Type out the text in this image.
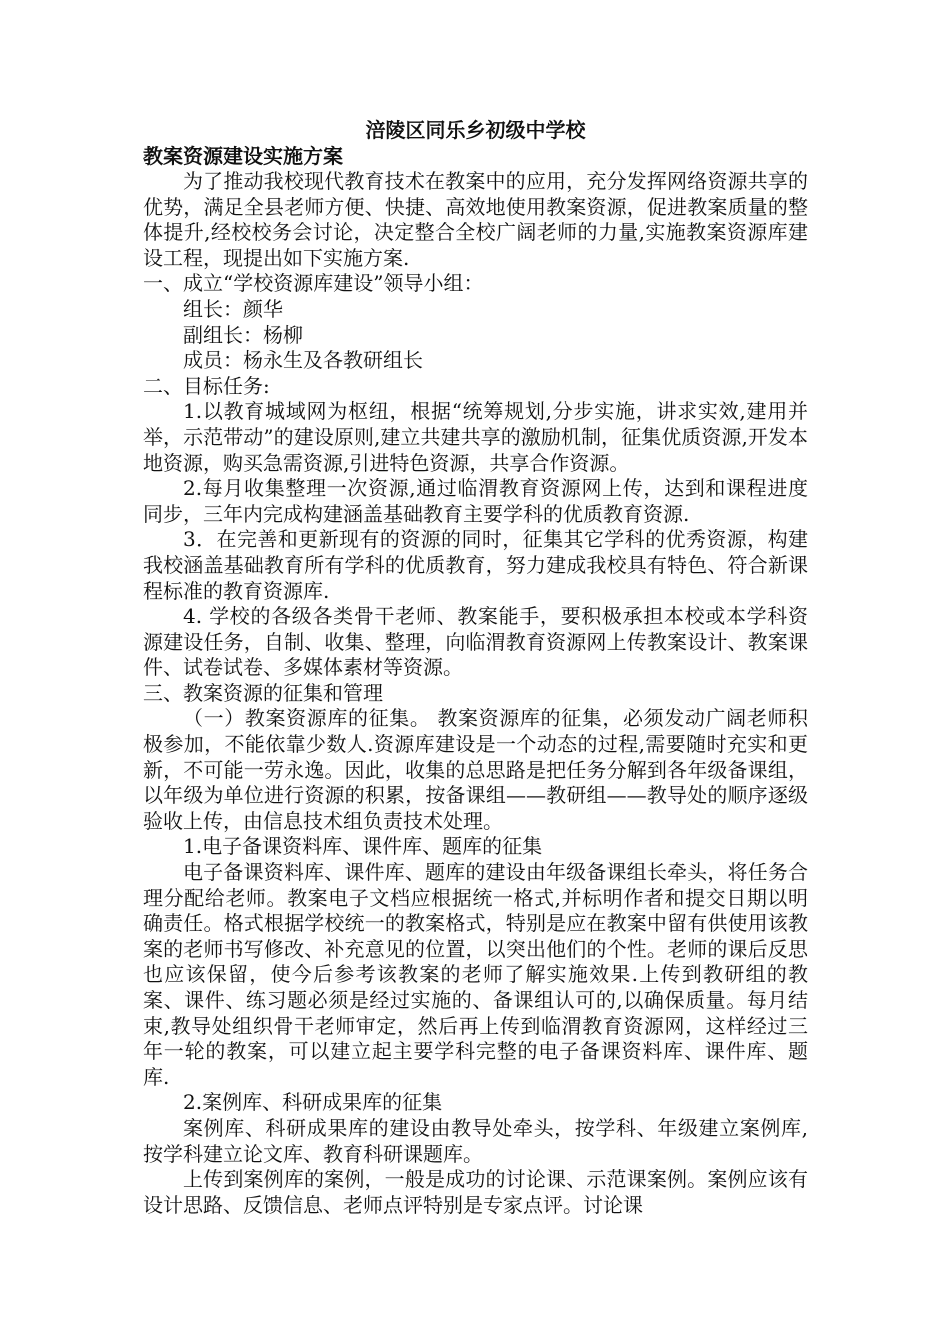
涪陵区同乐乡初级中学校

教案资源建设实施方案

为了推动我校现代教育技术在教案中的应用，充分发挥网络资源共享的优势，满足全县老师方便、快捷、高效地使用教案资源，促进教案质量的整体提升,经校校务会讨论，决定整合全校广阔老师的力量,实施教案资源库建设工程，现提出如下实施方案.

一、成立“学校资源库建设”领导小组：

组长：颜华

副组长：杨柳

成员：杨永生及各教研组长

二、目标任务:

1.以教育城域网为枢纽，根据“统筹规划,分步实施，讲求实效,建用并举，示范带动”的建设原则,建立共建共享的激励机制，征集优质资源,开发本地资源，购买急需资源,引进特色资源，共享合作资源。

2.每月收集整理一次资源,通过临渭教育资源网上传，达到和课程进度同步，三年内完成构建涵盖基础教育主要学科的优质教育资源.

3．在完善和更新现有的资源的同时，征集其它学科的优秀资源，构建我校涵盖基础教育所有学科的优质教育，努力建成我校具有特色、符合新课程标准的教育资源库.

4. 学校的各级各类骨干老师、教案能手，要积极承担本校或本学科资源建设任务，自制、收集、整理，向临渭教育资源网上传教案设计、教案课件、试卷试卷、多媒体素材等资源。

三、教案资源的征集和管理

（一）教案资源库的征集。 教案资源库的征集，必须发动广阔老师积极参加，不能依靠少数人.资源库建设是一个动态的过程,需要随时充实和更新，不可能一劳永逸。因此，收集的总思路是把任务分解到各年级备课组，以年级为单位进行资源的积累，按备课组——教研组——教导处的顺序逐级验收上传，由信息技术组负责技术处理。

1.电子备课资料库、课件库、题库的征集

电子备课资料库、课件库、题库的建设由年级备课组长牵头，将任务合理分配给老师。教案电子文档应根据统一格式,并标明作者和提交日期以明确责任。格式根据学校统一的教案格式，特别是应在教案中留有供使用该教案的老师书写修改、补充意见的位置，以突出他们的个性。老师的课后反思也应该保留，使今后参考该教案的老师了解实施效果.上传到教研组的教案、课件、练习题必须是经过实施的、备课组认可的,以确保质量。每月结束,教导处组织骨干老师审定，然后再上传到临渭教育资源网，这样经过三年一轮的教案，可以建立起主要学科完整的电子备课资料库、课件库、题库.

2.案例库、科研成果库的征集

案例库、科研成果库的建设由教导处牵头，按学科、年级建立案例库,按学科建立论文库、教育科研课题库。

上传到案例库的案例，一般是成功的讨论课、示范课案例。案例应该有设计思路、反馈信息、老师点评特别是专家点评。讨论课
